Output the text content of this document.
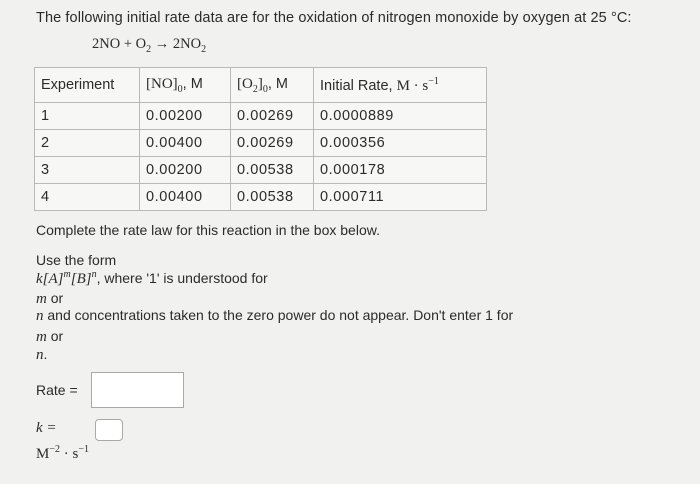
The following initial rate data are for the oxidation of nitrogen monoxide by oxygen at 25 °C:
$2NO + O_2 \to 2NO_2$
Experiment	$[NO]_0$, M	$[O_2]_0$, M	Initial Rate, $M \cdot s^{-1}$
1	0.00200	0.00269	0.0000889
2	0.00400	0.00269	0.000356
3	0.00200	0.00538	0.000178
4	0.00400	0.00538	0.000711
Complete the rate law for this reaction in the box below.
Use the form
$k[A]^m[B]^n$, where '1' is understood for
m or
n and concentrations taken to the zero power do not appear. Don't enter 1 for
m or
n.
Rate =
k =
$M^{-2} \cdot s^{-1}$
